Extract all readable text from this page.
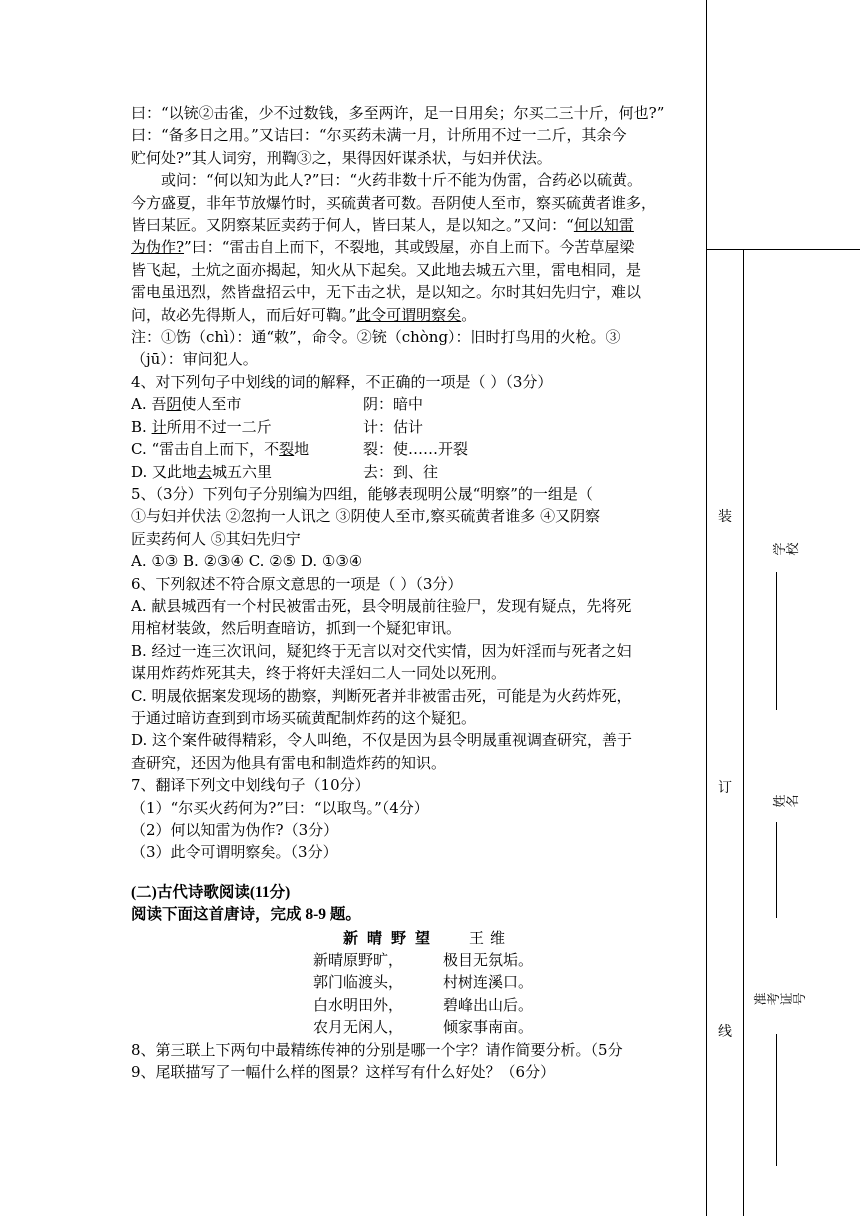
曰：“以铳②击雀，少不过数钱，多至两许，足一日用矣；尔买二三十斤，何也?”
曰：“备多日之用。”又诘曰：“尔买药未满一月，计所用不过一二斤，其余今
贮何处?”其人词穷，刑鞫③之，果得因奸谋杀状，与妇并伏法。
或问：“何以知为此人?”曰：“火药非数十斤不能为伪雷，合药必以硫黄。
今方盛夏，非年节放爆竹时，买硫黄者可数。吾阴使人至市，察买硫黄者谁多，
皆曰某匠。又阴察某匠卖药于何人，皆曰某人，是以知之。”又问：“何以知雷
为伪作?”曰：“雷击自上而下，不裂地，其或毁屋，亦自上而下。今苦草屋梁
皆飞起，土炕之面亦揭起，知火从下起矣。又此地去城五六里，雷电相同，是
雷电虽迅烈，然皆盘招云中，无下击之状，是以知之。尔时其妇先归宁，难以
问，故必先得斯人，而后好可鞫。”此令可谓明察矣。
注：①饬（chì）：通“敕”，命令。②铳（chòng）：旧时打鸟用的火枪。③
（jū）：审问犯人。
4、对下列句子中划线的词的解释，不正确的一项是（ ）（3分）
A. 吾阴使人至市	阴：暗中
B. 计所用不过一二斤	计：估计
C. “雷击自上而下，不裂地	裂：使……开裂
D. 又此地去城五六里	去：到、往
5、（3分）下列句子分别编为四组，能够表现明公晟“明察”的一组是（
①与妇并伏法 ②忽拘一人讯之 ③阴使人至市,察买硫黄者谁多 ④又阴察
匠卖药何人 ⑤其妇先归宁
A. ①③ B. ②③④ C. ②⑤ D. ①③④
6、下列叙述不符合原文意思的一项是（ ）（3分）
A. 献县城西有一个村民被雷击死，县令明晟前往验尸，发现有疑点，先将死
用棺材装敛，然后明查暗访，抓到一个疑犯审讯。
B. 经过一连三次讯问，疑犯终于无言以对交代实情，因为奸淫而与死者之妇
谋用炸药炸死其夫，终于将奸夫淫妇二人一同处以死刑。
C. 明晟依据案发现场的勘察，判断死者并非被雷击死，可能是为火药炸死，
于通过暗访查到到市场买硫黄配制炸药的这个疑犯。
D. 这个案件破得精彩，令人叫绝，不仅是因为县令明晟重视调查研究，善于
查研究，还因为他具有雷电和制造炸药的知识。
7、翻译下列文中划线句子（10分）
（1）“尔买火药何为?”曰：“以取鸟。”（4分）
（2）何以知雷为伪作?（3分）
（3）此令可谓明察矣。（3分）
(二)古代诗歌阅读(11分)
阅读下面这首唐诗，完成 8-9 题。
新晴野望 王维
新晴原野旷，	极目无氛垢。
郭门临渡头，	村树连溪口。
白水明田外，	碧峰出山后。
农月无闲人，	倾家事南亩。
8、第三联上下两句中最精练传神的分别是哪一个字？请作简要分析。（5分
9、尾联描写了一幅什么样的图景？这样写有什么好处？（6分）
装
订
线
学校
姓名
准考证号
